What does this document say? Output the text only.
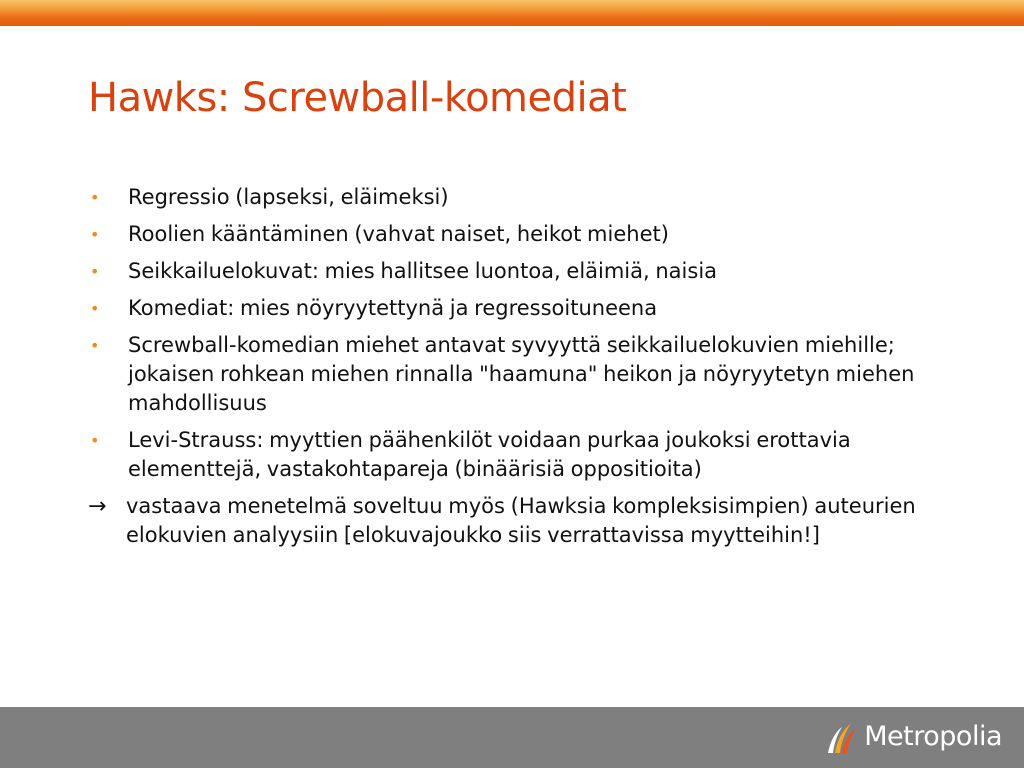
Hawks: Screwball-komediat
•	Regressio (lapseksi, eläimeksi)
•	Roolien kääntäminen (vahvat naiset, heikot miehet)
•	Seikkailuelokuvat: mies hallitsee luontoa, eläimiä, naisia
•	Komediat: mies nöyryytettynä ja regressoituneena
•	Screwball-komedian miehet antavat syvyyttä seikkailuelokuvien miehille; jokaisen rohkean miehen rinnalla "haamuna" heikon ja nöyryytetyn miehen mahdollisuus
•	Levi-Strauss: myyttien päähenkilöt voidaan purkaa joukoksi erottavia elementtejä, vastakohtapareja (binäärisiä oppositioita)
→ vastaava menetelmä soveltuu myös (Hawksia kompleksisimpien) auteurien elokuvien analyysiin [elokuvajoukko siis verrattavissa myytteihin!]
Metropolia
